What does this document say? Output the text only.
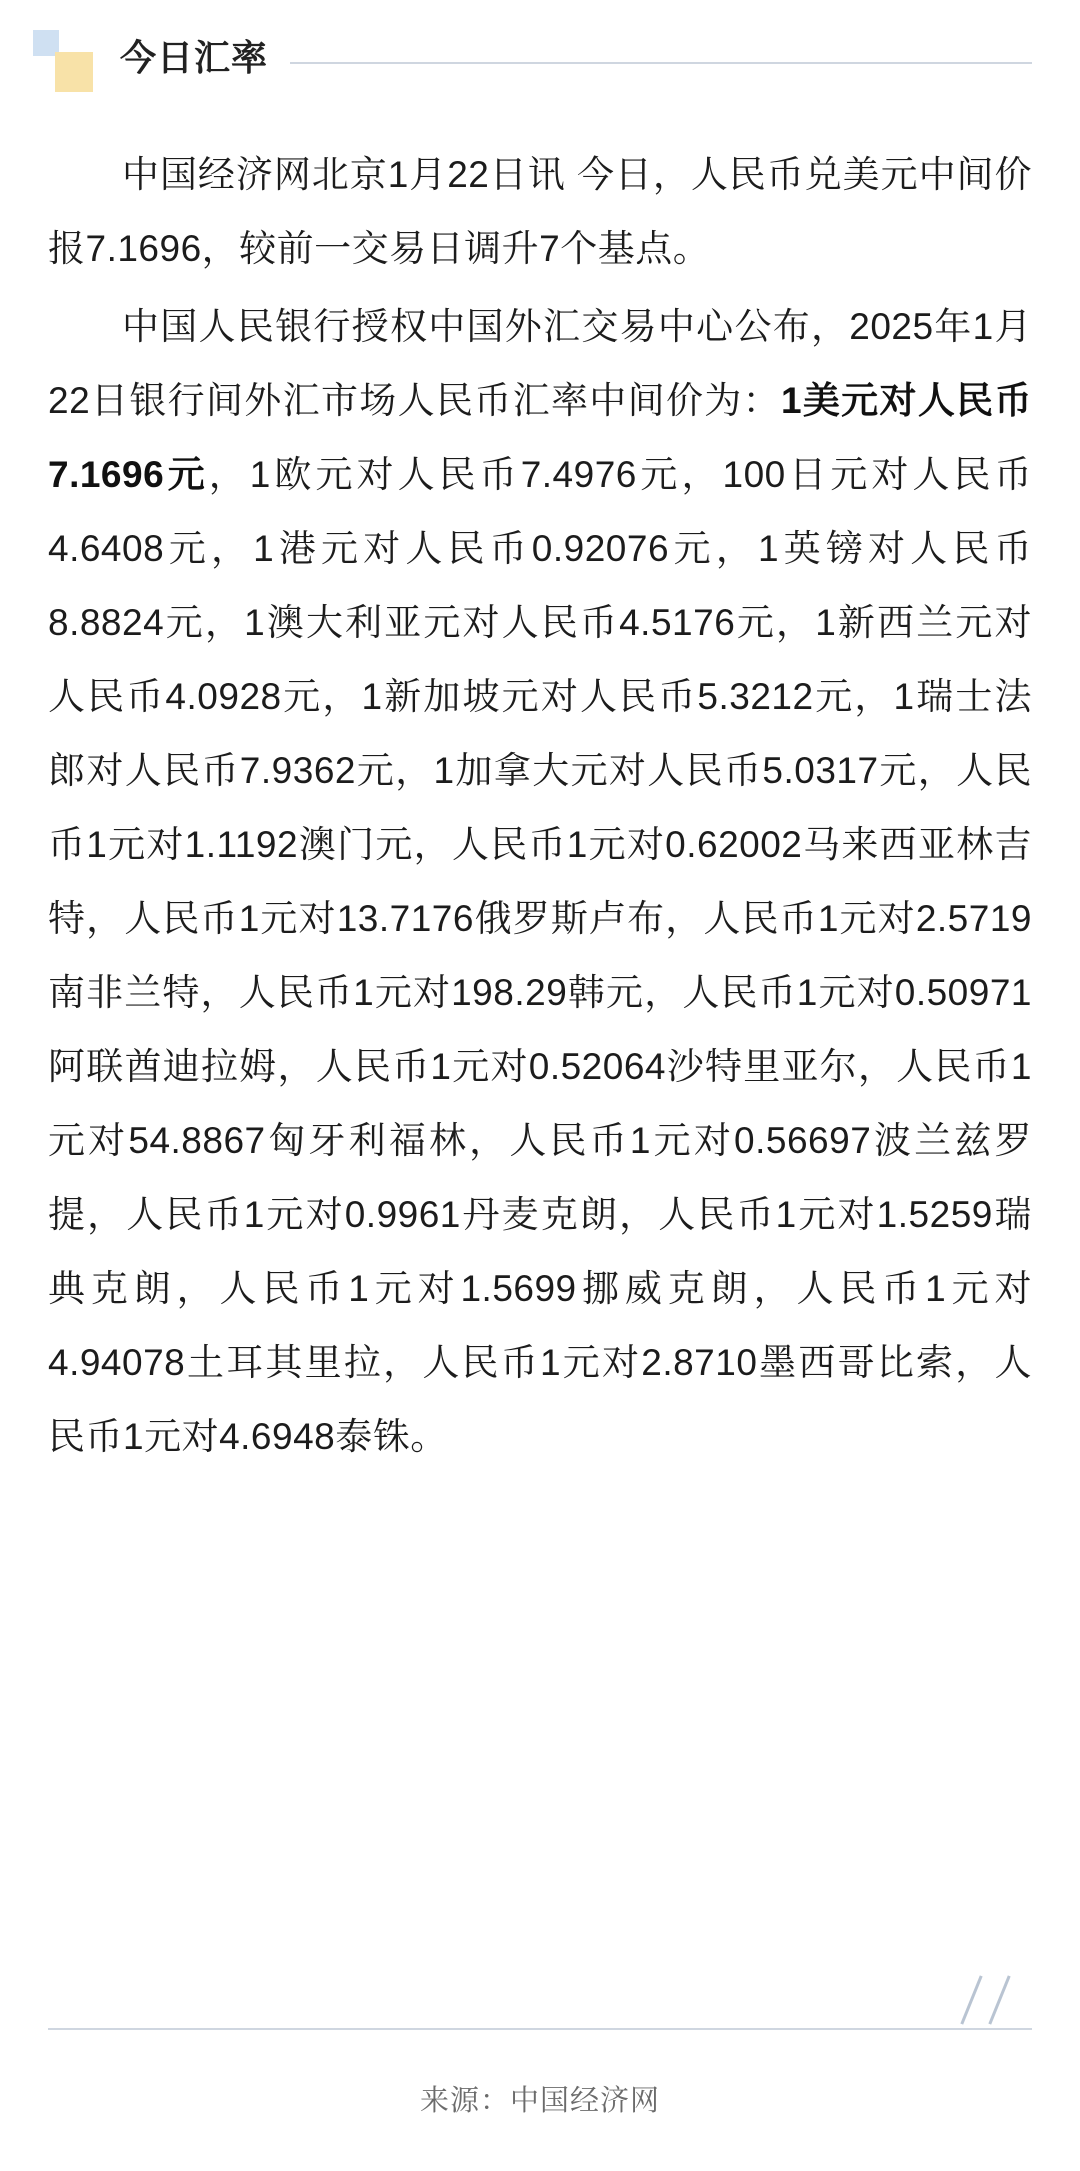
今日汇率

中国经济网北京1月22日讯 今日，人民币兑美元中间价报7.1696，较前一交易日调升7个基点。

中国人民银行授权中国外汇交易中心公布，2025年1月22日银行间外汇市场人民币汇率中间价为：1美元对人民币7.1696元，1欧元对人民币7.4976元，100日元对人民币4.6408元，1港元对人民币0.92076元，1英镑对人民币8.8824元，1澳大利亚元对人民币4.5176元，1新西兰元对人民币4.0928元，1新加坡元对人民币5.3212元，1瑞士法郎对人民币7.9362元，1加拿大元对人民币5.0317元，人民币1元对1.1192澳门元，人民币1元对0.62002马来西亚林吉特，人民币1元对13.7176俄罗斯卢布，人民币1元对2.5719南非兰特，人民币1元对198.29韩元，人民币1元对0.50971阿联酋迪拉姆，人民币1元对0.52064沙特里亚尔，人民币1元对54.8867匈牙利福林，人民币1元对0.56697波兰兹罗提，人民币1元对0.9961丹麦克朗，人民币1元对1.5259瑞典克朗，人民币1元对1.5699挪威克朗，人民币1元对4.94078土耳其里拉，人民币1元对2.8710墨西哥比索，人民币1元对4.6948泰铢。

来源：中国经济网
